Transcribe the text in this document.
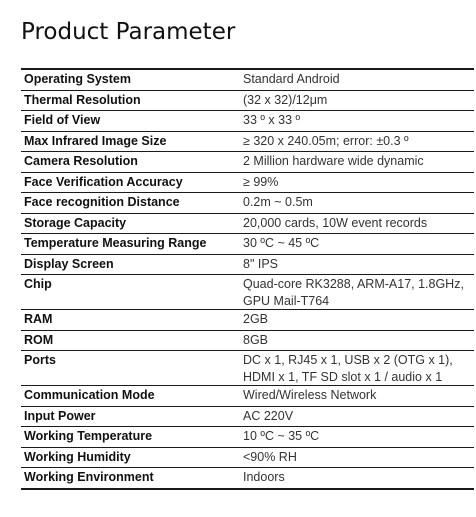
Product Parameter
Operating System	Standard Android
Thermal Resolution	(32 x 32)/12μm
Field of View	33 º x 33 º
Max Infrared Image Size	≥ 320 x 240.05m; error: ±0.3 º
Camera Resolution	2 Million hardware wide dynamic
Face Verification Accuracy	≥ 99%
Face recognition Distance	0.2m ~ 0.5m
Storage Capacity	20,000 cards, 10W event records
Temperature Measuring Range	30 ºC ~ 45 ºC
Display Screen	8" IPS
Chip	Quad-core RK3288, ARM-A17, 1.8GHz, GPU Mail-T764
RAM	2GB
ROM	8GB
Ports	DC x 1, RJ45 x 1, USB x 2 (OTG x 1), HDMI x 1, TF SD slot x 1 / audio x 1
Communication Mode	Wired/Wireless Network
Input Power	AC 220V
Working Temperature	10 ºC ~ 35 ºC
Working Humidity	<90% RH
Working Environment	Indoors
